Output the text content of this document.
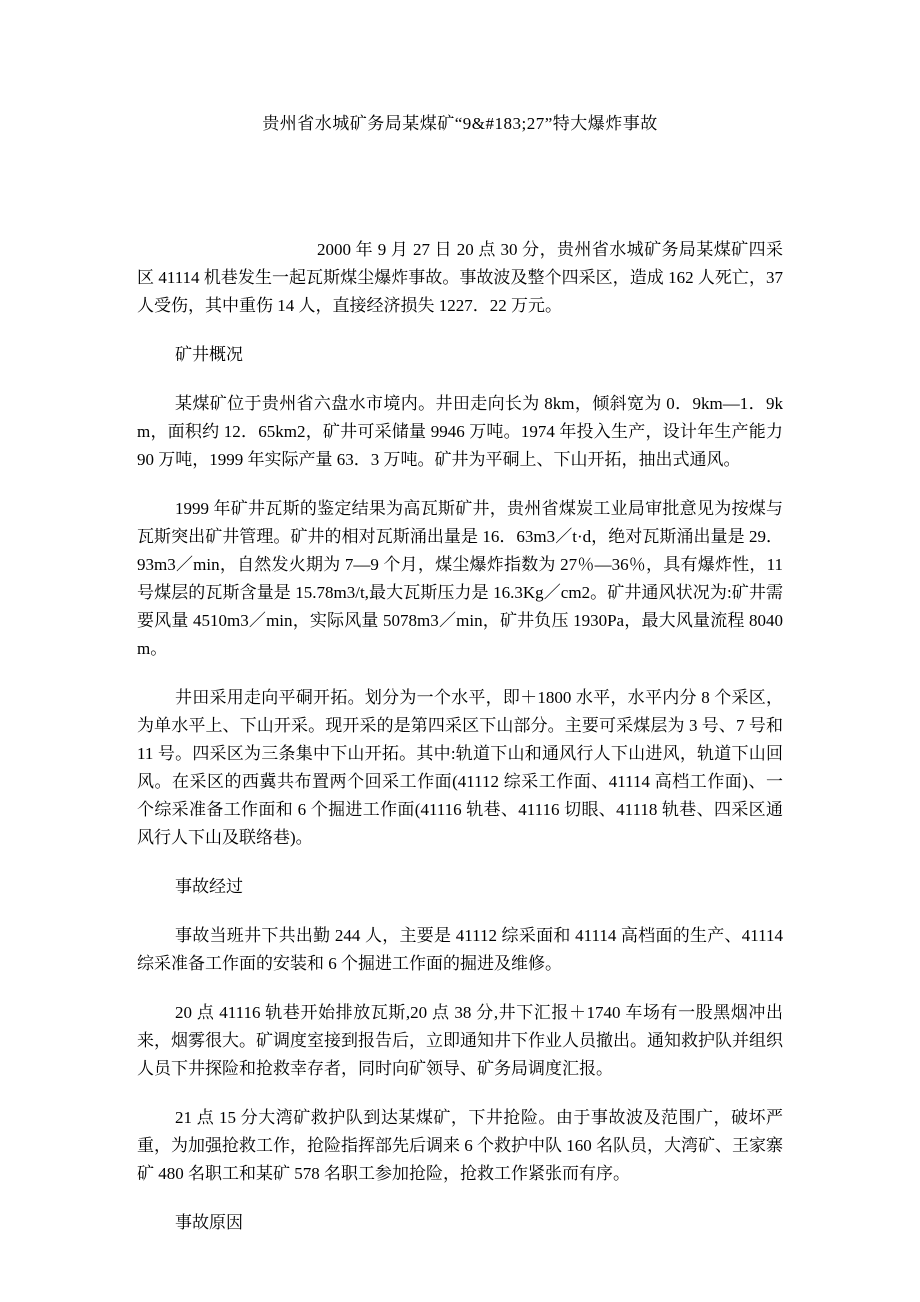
贵州省水城矿务局某煤矿“9&#183;27”特大爆炸事故

2000 年 9 月 27 日 20 点 30 分，贵州省水城矿务局某煤矿四采区 41114 机巷发生一起瓦斯煤尘爆炸事故。事故波及整个四采区，造成 162 人死亡，37 人受伤，其中重伤 14 人，直接经济损失 1227．22 万元。

矿井概况

某煤矿位于贵州省六盘水市境内。井田走向长为 8km，倾斜宽为 0．9km—1．9km，面积约 12．65km2，矿井可采储量 9946 万吨。1974 年投入生产，设计年生产能力 90 万吨，1999 年实际产量 63．3 万吨。矿井为平硐上、下山开拓，抽出式通风。

1999 年矿井瓦斯的鉴定结果为高瓦斯矿井，贵州省煤炭工业局审批意见为按煤与瓦斯突出矿井管理。矿井的相对瓦斯涌出量是 16．63m3／t·d，绝对瓦斯涌出量是 29．93m3／min，自然发火期为 7—9 个月，煤尘爆炸指数为 27％—36％，具有爆炸性，11 号煤层的瓦斯含量是 15.78m3/t,最大瓦斯压力是 16.3Kg／cm2。矿井通风状况为:矿井需要风量 4510m3／min，实际风量 5078m3／min，矿井负压 1930Pa，最大风量流程 8040m。

井田采用走向平硐开拓。划分为一个水平，即＋1800 水平，水平内分 8 个采区，为单水平上、下山开采。现开采的是第四采区下山部分。主要可采煤层为 3 号、7 号和 11 号。四采区为三条集中下山开拓。其中:轨道下山和通风行人下山进风，轨道下山回风。在采区的西冀共布置两个回采工作面(41112 综采工作面、41114 高档工作面)、一个综采准备工作面和 6 个掘进工作面(41116 轨巷、41116 切眼、41118 轨巷、四采区通风行人下山及联络巷)。

事故经过

事故当班井下共出勤 244 人，主要是 41112 综采面和 41114 高档面的生产、41114 综采准备工作面的安装和 6 个掘进工作面的掘进及维修。

20 点 41116 轨巷开始排放瓦斯,20 点 38 分,井下汇报＋1740 车场有一股黑烟冲出来，烟雾很大。矿调度室接到报告后，立即通知井下作业人员撤出。通知救护队并组织人员下井探险和抢救幸存者，同时向矿领导、矿务局调度汇报。

21 点 15 分大湾矿救护队到达某煤矿，下井抢险。由于事故波及范围广，破坏严重，为加强抢救工作，抢险指挥部先后调来 6 个救护中队 160 名队员，大湾矿、王家寨矿 480 名职工和某矿 578 名职工参加抢险，抢救工作紧张而有序。

事故原因
